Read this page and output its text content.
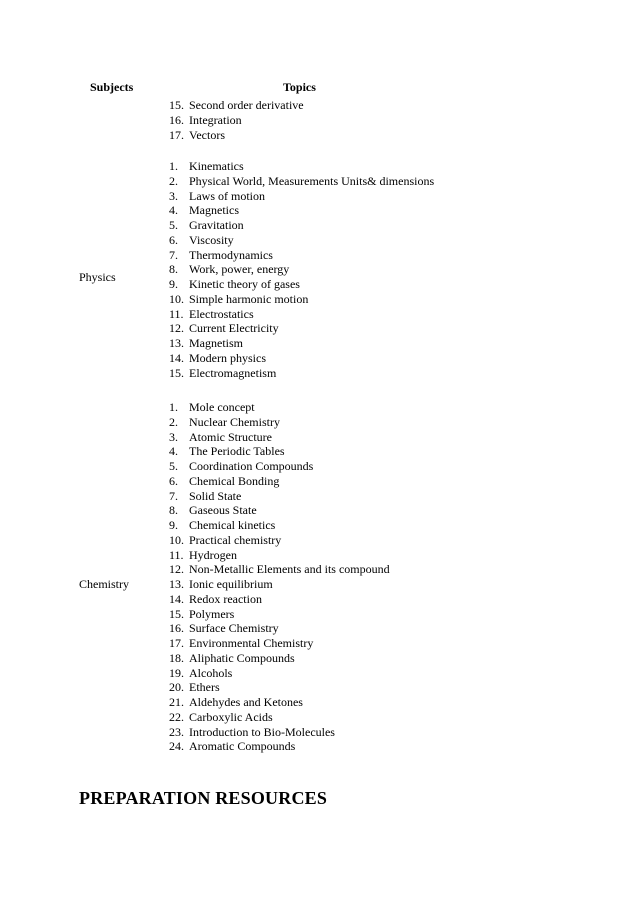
Subjects	Topics
15. Second order derivative
16. Integration
17. Vectors
Physics
1. Kinematics
2. Physical World, Measurements Units& dimensions
3. Laws of motion
4. Magnetics
5. Gravitation
6. Viscosity
7. Thermodynamics
8. Work, power, energy
9. Kinetic theory of gases
10. Simple harmonic motion
11. Electrostatics
12. Current Electricity
13. Magnetism
14. Modern physics
15. Electromagnetism
Chemistry
1. Mole concept
2. Nuclear Chemistry
3. Atomic Structure
4. The Periodic Tables
5. Coordination Compounds
6. Chemical Bonding
7. Solid State
8. Gaseous State
9. Chemical kinetics
10. Practical chemistry
11. Hydrogen
12. Non-Metallic Elements and its compound
13. Ionic equilibrium
14. Redox reaction
15. Polymers
16. Surface Chemistry
17. Environmental Chemistry
18. Aliphatic Compounds
19. Alcohols
20. Ethers
21. Aldehydes and Ketones
22. Carboxylic Acids
23. Introduction to Bio-Molecules
24. Aromatic Compounds
PREPARATION RESOURCES
